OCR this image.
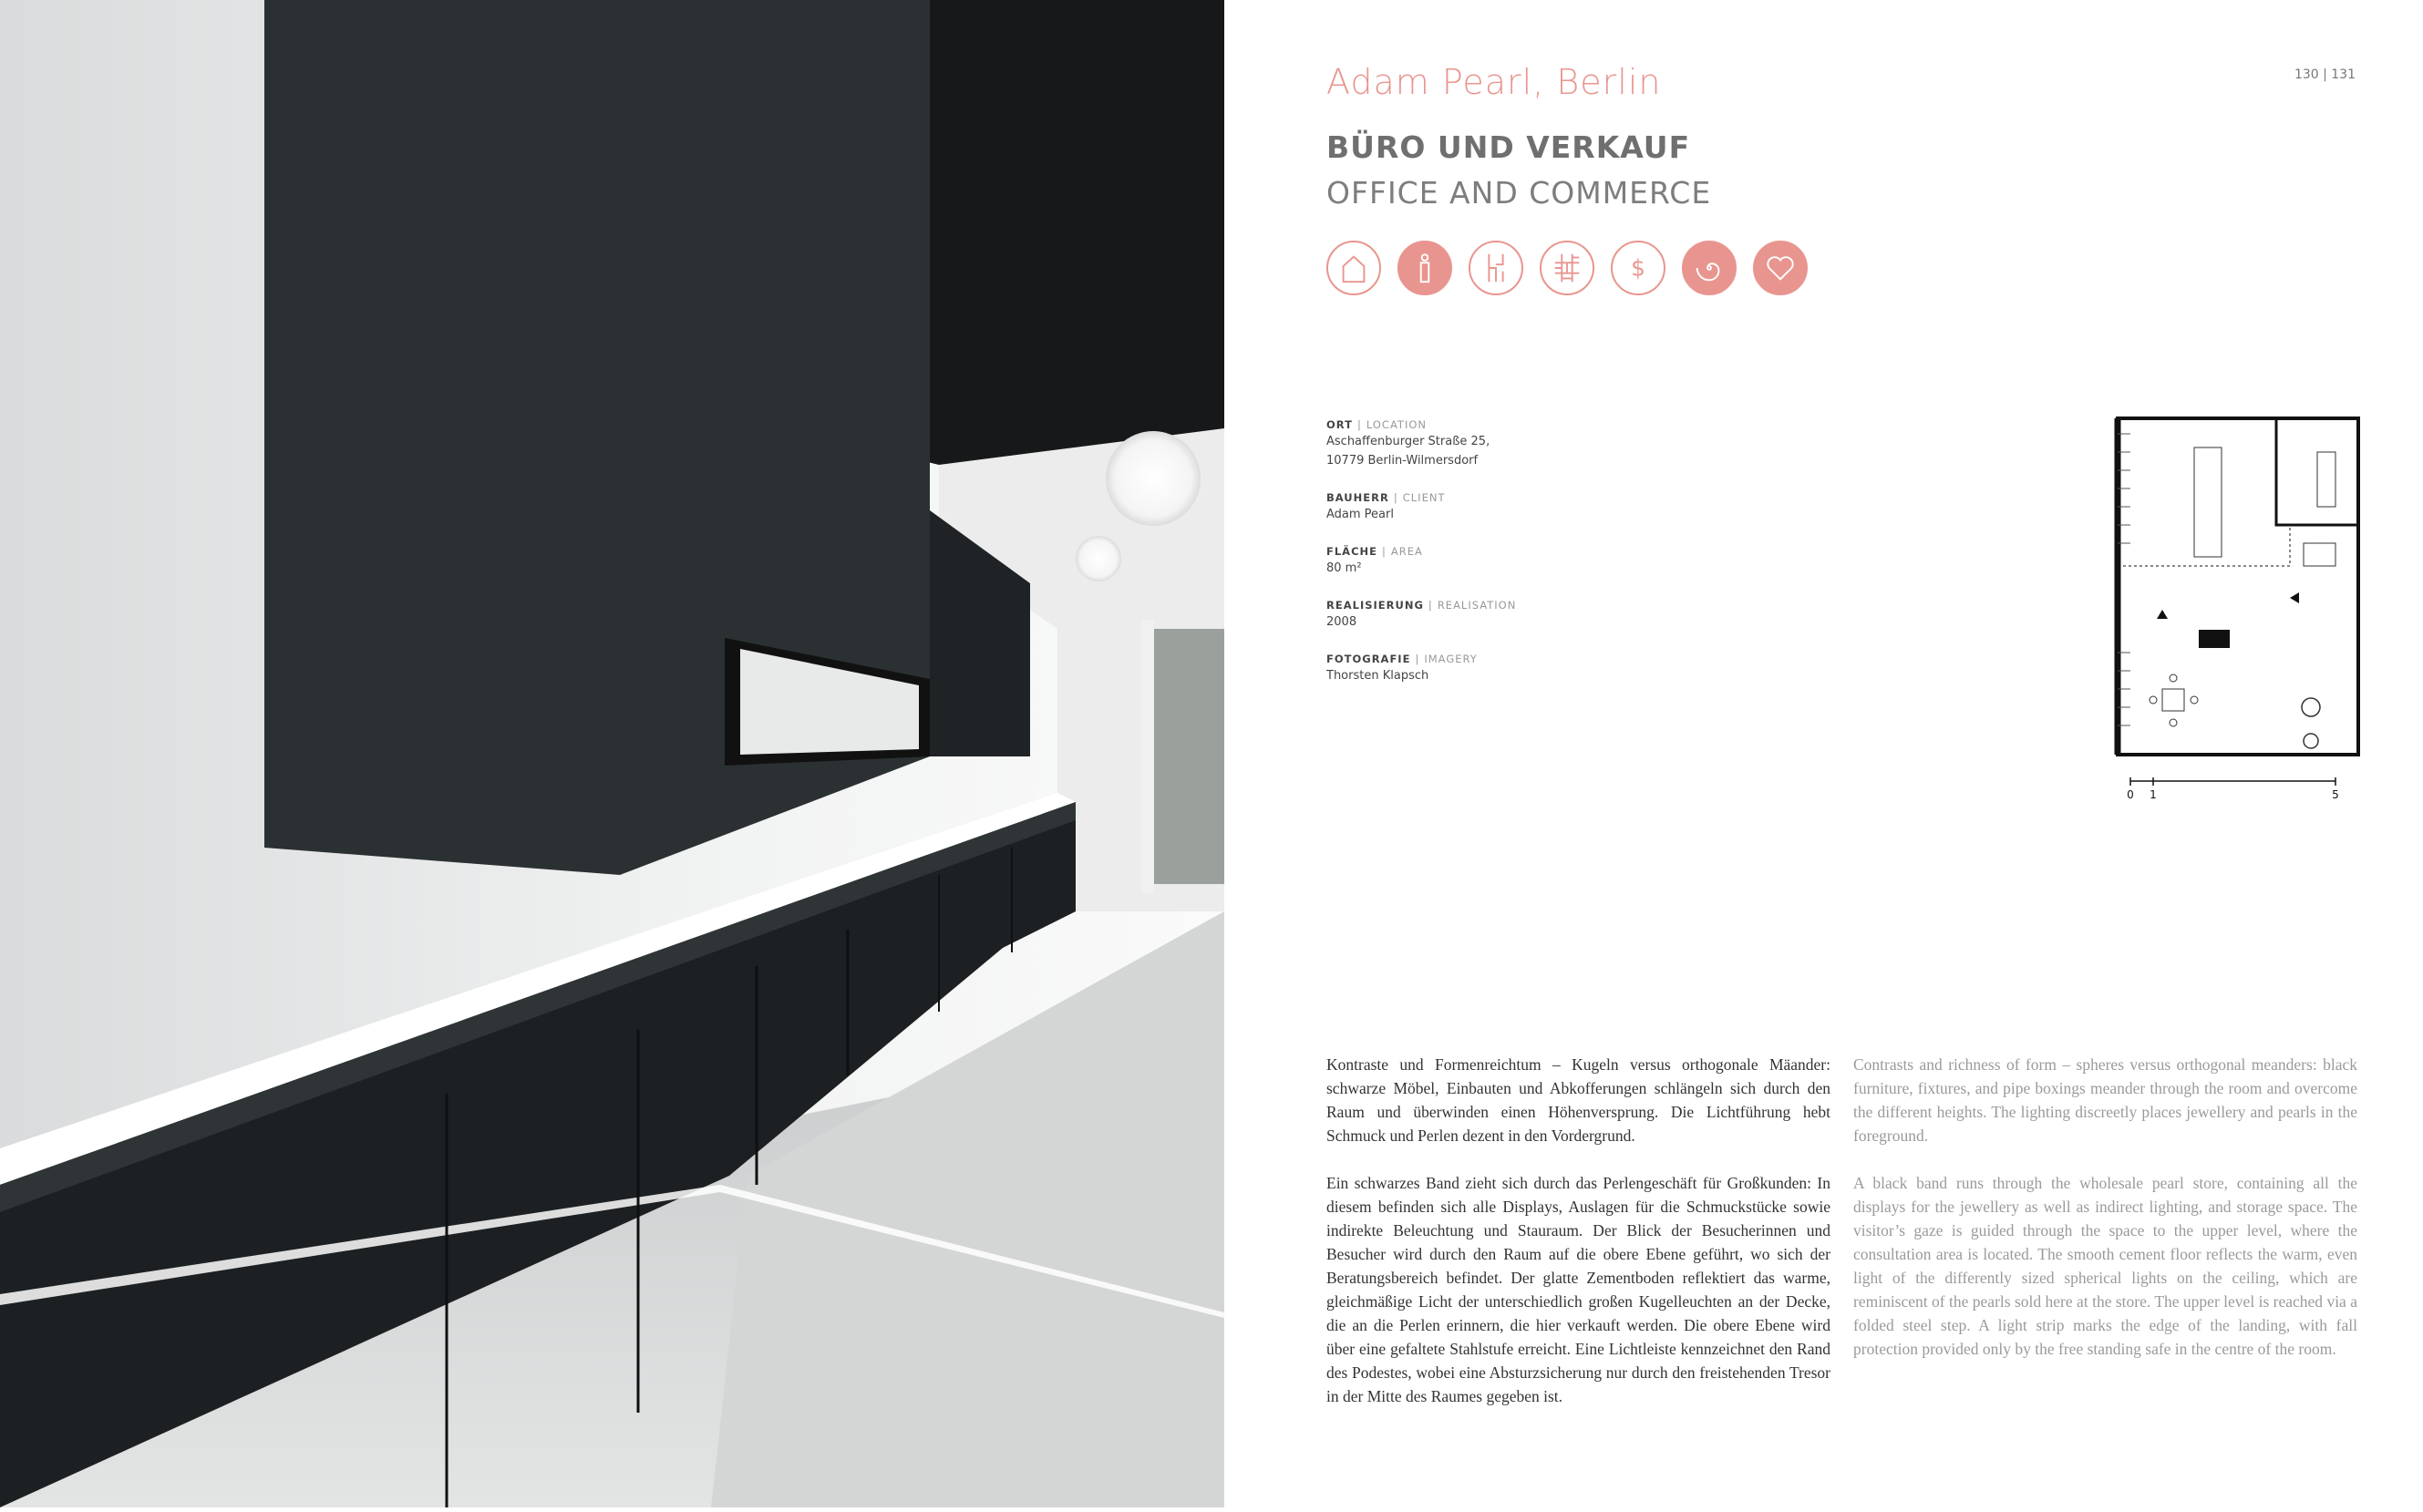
Adam Pearl, Berlin	130 | 131
BÜRO UND VERKAUF
OFFICE AND COMMERCE
$
ORT | LOCATION
Aschaffenburger Straße 25,
10779 Berlin-Wilmersdorf
BAUHERR | CLIENT
Adam Pearl
FLÄCHE | AREA
80 m²
REALISIERUNG | REALISATION
2008
FOTOGRAFIE | IMAGERY
Thorsten Klapsch
0 1	5

Kontraste und Formenreichtum – Kugeln versus orthogonale Mäander: schwarze Möbel, Einbauten und Abkofferungen schlängeln sich durch den Raum und überwinden einen Höhenversprung. Die Lichtführung hebt Schmuck und Perlen dezent in den Vordergrund.

Ein schwarzes Band zieht sich durch das Perlengeschäft für Großkunden: In diesem befinden sich alle Displays, Auslagen für die Schmuckstücke sowie indirekte Beleuchtung und Stauraum. Der Blick der Besucherinnen und Besucher wird durch den Raum auf die obere Ebene geführt, wo sich der Beratungsbereich befindet. Der glatte Zementboden reflektiert das warme, gleichmäßige Licht der unterschiedlich großen Kugelleuchten an der Decke, die an die Perlen erinnern, die hier verkauft werden. Die obere Ebene wird über eine gefaltete Stahlstufe erreicht. Eine Lichtleiste kennzeichnet den Rand des Podestes, wobei eine Absturzsicherung nur durch den freistehenden Tresor in der Mitte des Raumes gegeben ist.

Contrasts and richness of form – spheres versus orthogonal meanders: black furniture, fixtures, and pipe boxings meander through the room and overcome the different heights. The lighting discreetly places jewellery and pearls in the foreground.

A black band runs through the wholesale pearl store, containing all the displays for the jewellery as well as indirect lighting, and storage space. The visitor’s gaze is guided through the space to the upper level, where the consultation area is located. The smooth cement floor reflects the warm, even light of the differently sized spherical lights on the ceiling, which are reminiscent of the pearls sold here at the store. The upper level is reached via a folded steel step. A light strip marks the edge of the landing, with fall protection provided only by the free standing safe in the centre of the room.
